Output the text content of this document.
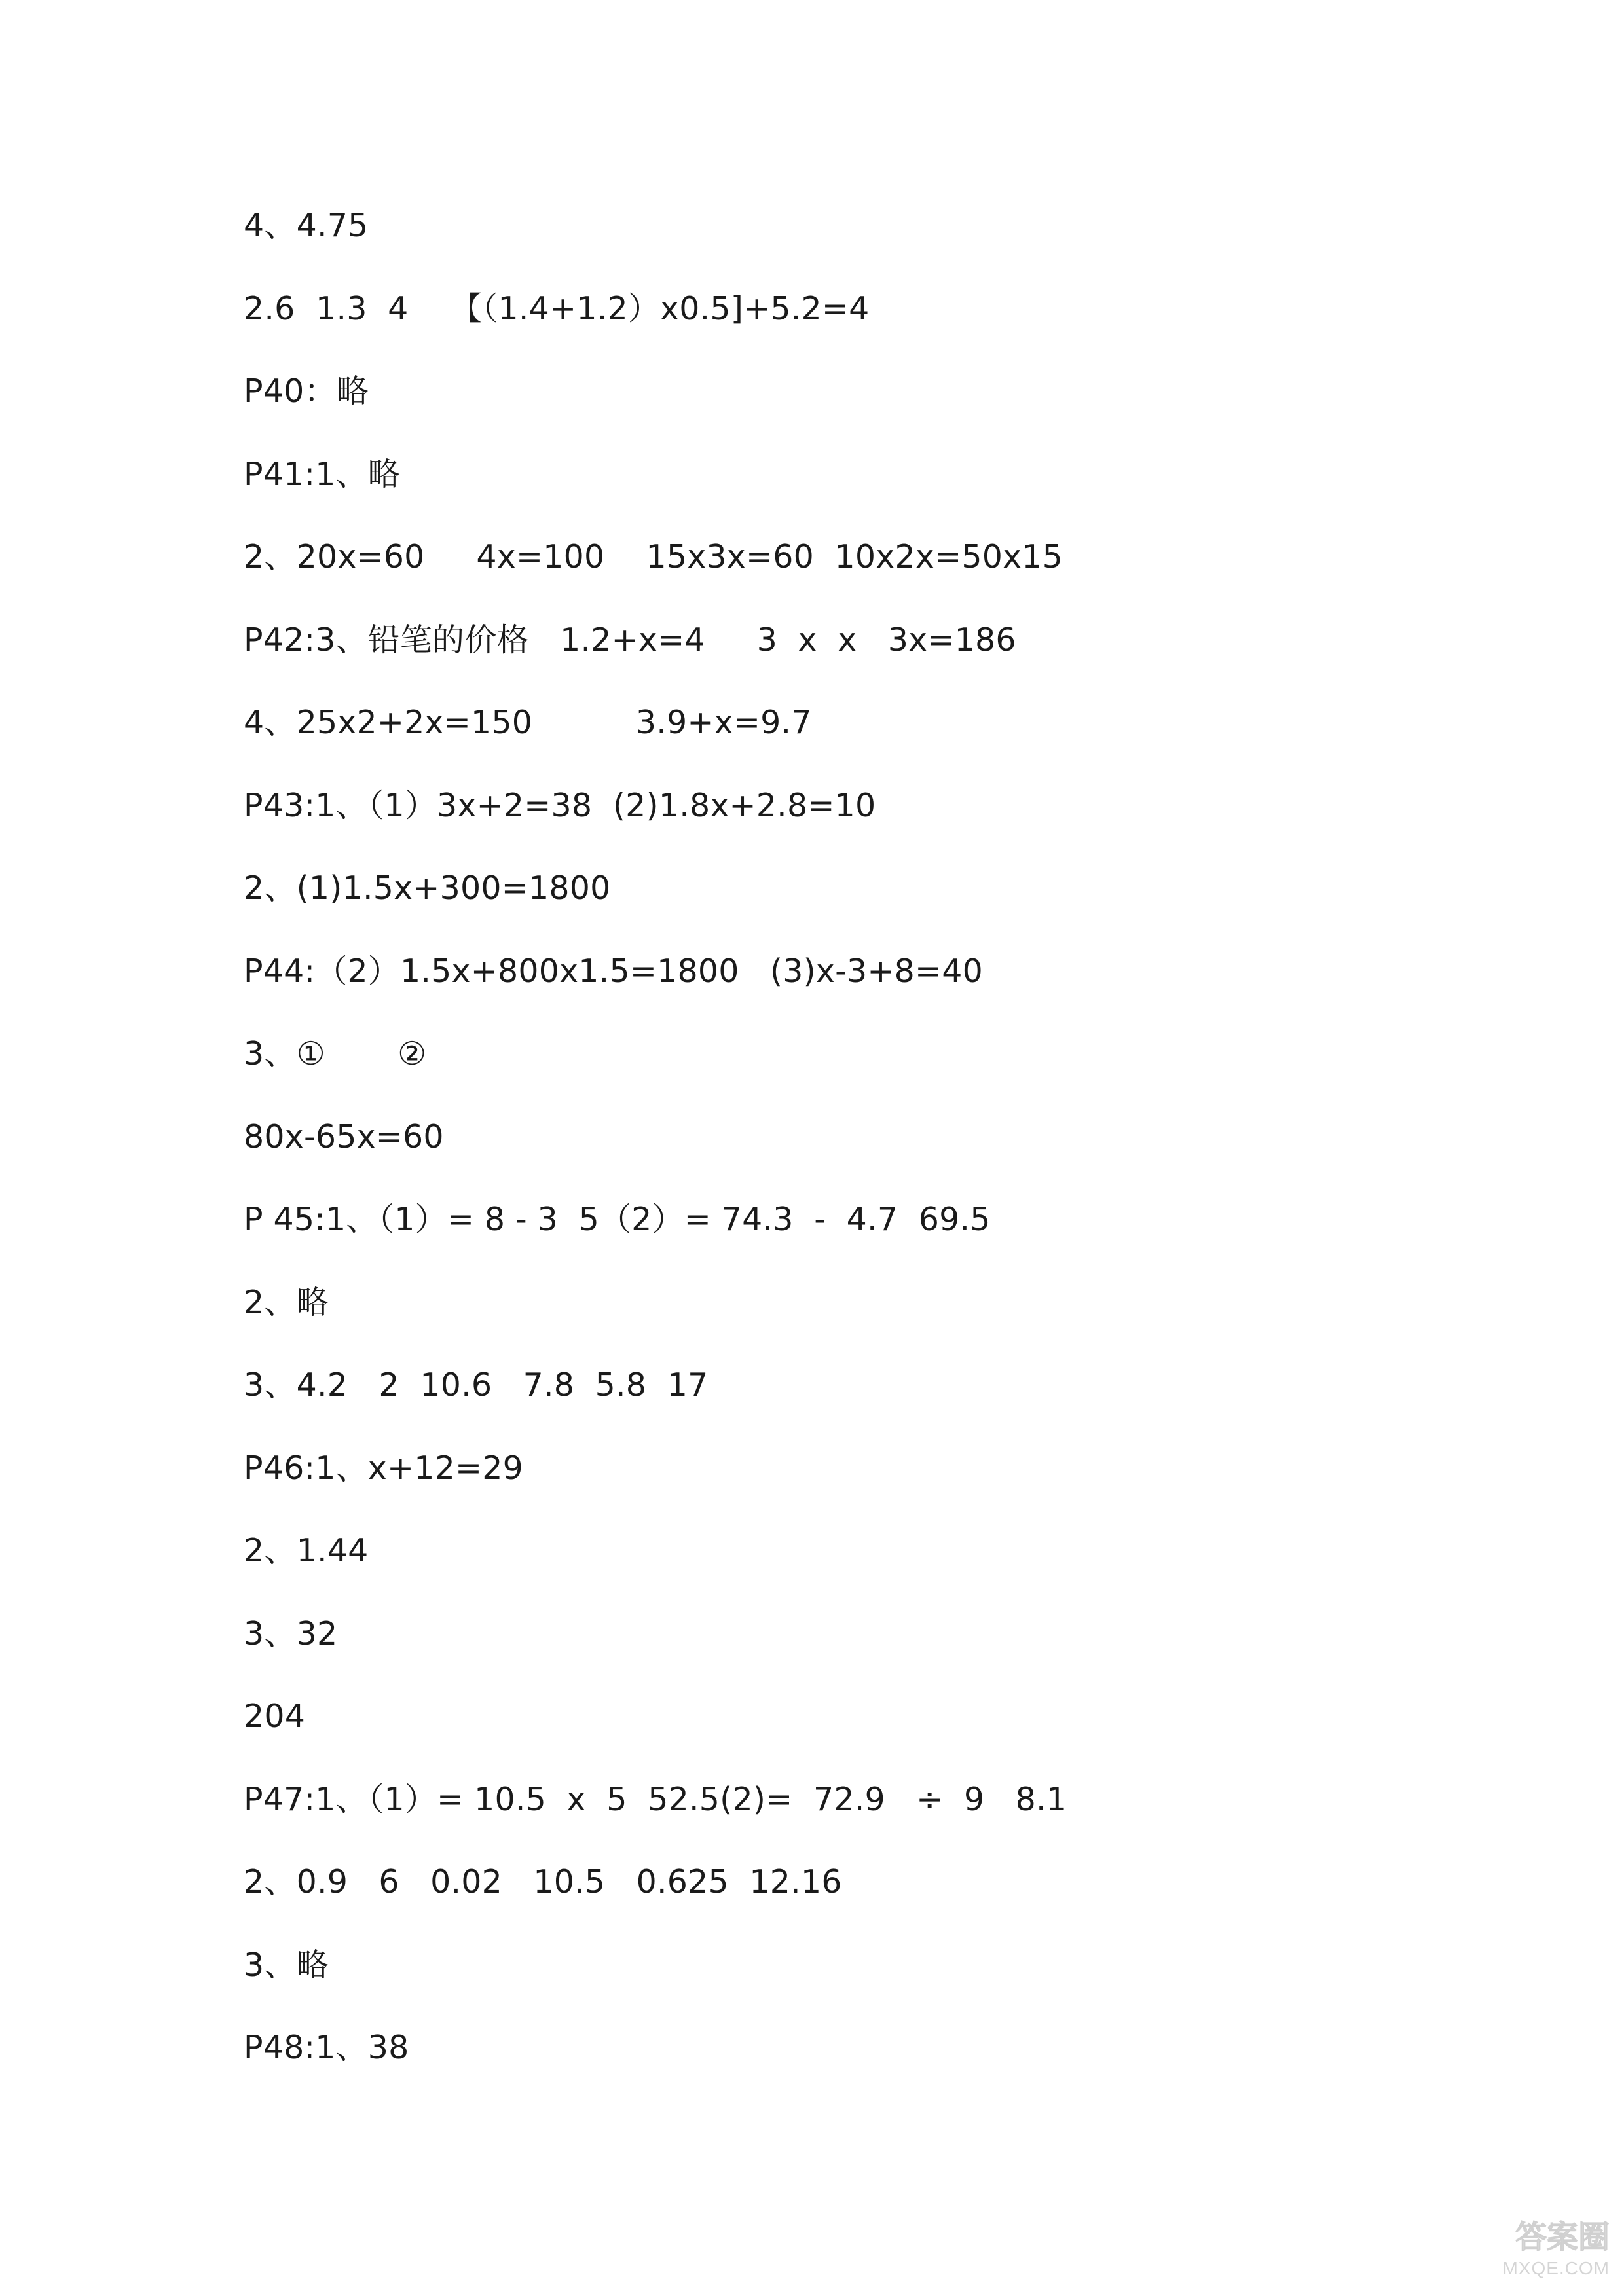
4、4.75
2.6  1.3  4    【（1.4+1.2）x0.5]+5.2=4
P40：略
P41:1、略
2、20x=60     4x=100    15x3x=60  10x2x=50x15
P42:3、铅笔的价格   1.2+x=4     3  x  x   3x=186
4、25x2+2x=150          3.9+x=9.7
P43:1、（1）3x+2=38  (2)1.8x+2.8=10
2、(1)1.5x+300=1800
P44:（2）1.5x+800x1.5=1800   (3)x-3+8=40
3、①       ②
80x-65x=60
P 45:1、（1）= 8 - 3  5（2）= 74.3  -  4.7  69.5
2、略
3、4.2   2  10.6   7.8  5.8  17
P46:1、x+12=29
2、1.44
3、32
204
P47:1、（1）= 10.5  x  5  52.5(2)=  72.9   ÷  9   8.1
2、0.9   6   0.02   10.5   0.625  12.16
3、略
P48:1、38
答案圈
MXQE.COM
